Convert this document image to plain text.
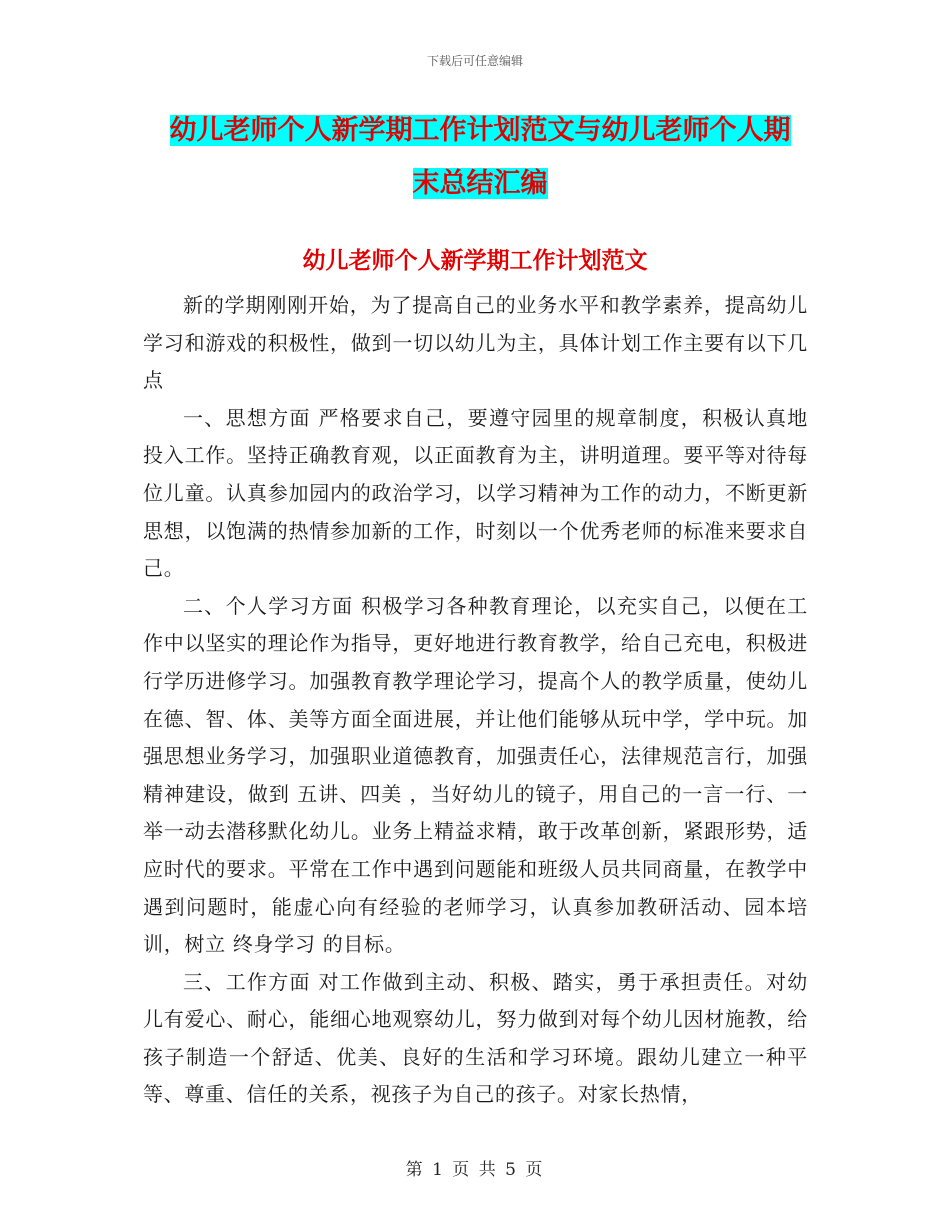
下载后可任意编辑
幼儿老师个人新学期工作计划范文与幼儿老师个人期
末总结汇编
幼儿老师个人新学期工作计划范文

新的学期刚刚开始，为了提高自己的业务水平和教学素养，提高幼儿学习和游戏的积极性，做到一切以幼儿为主，具体计划工作主要有以下几点

一、思想方面 严格要求自己，要遵守园里的规章制度，积极认真地投入工作。坚持正确教育观，以正面教育为主，讲明道理。要平等对待每位儿童。认真参加园内的政治学习，以学习精神为工作的动力，不断更新思想，以饱满的热情参加新的工作，时刻以一个优秀老师的标准来要求自己。

二、个人学习方面 积极学习各种教育理论，以充实自己，以便在工作中以坚实的理论作为指导，更好地进行教育教学，给自己充电，积极进行学历进修学习。加强教育教学理论学习，提高个人的教学质量，使幼儿在德、智、体、美等方面全面进展，并让他们能够从玩中学，学中玩。加强思想业务学习，加强职业道德教育，加强责任心，法律规范言行，加强精神建设，做到 五讲、四美 ，当好幼儿的镜子，用自己的一言一行、一举一动去潜移默化幼儿。业务上精益求精，敢于改革创新，紧跟形势，适应时代的要求。平常在工作中遇到问题能和班级人员共同商量，在教学中遇到问题时，能虚心向有经验的老师学习，认真参加教研活动、园本培训，树立 终身学习 的目标。

三、工作方面 对工作做到主动、积极、踏实，勇于承担责任。对幼儿有爱心、耐心，能细心地观察幼儿，努力做到对每个幼儿因材施教，给孩子制造一个舒适、优美、良好的生活和学习环境。跟幼儿建立一种平等、尊重、信任的关系，视孩子为自己的孩子。对家长热情，

第 1 页 共 5 页
